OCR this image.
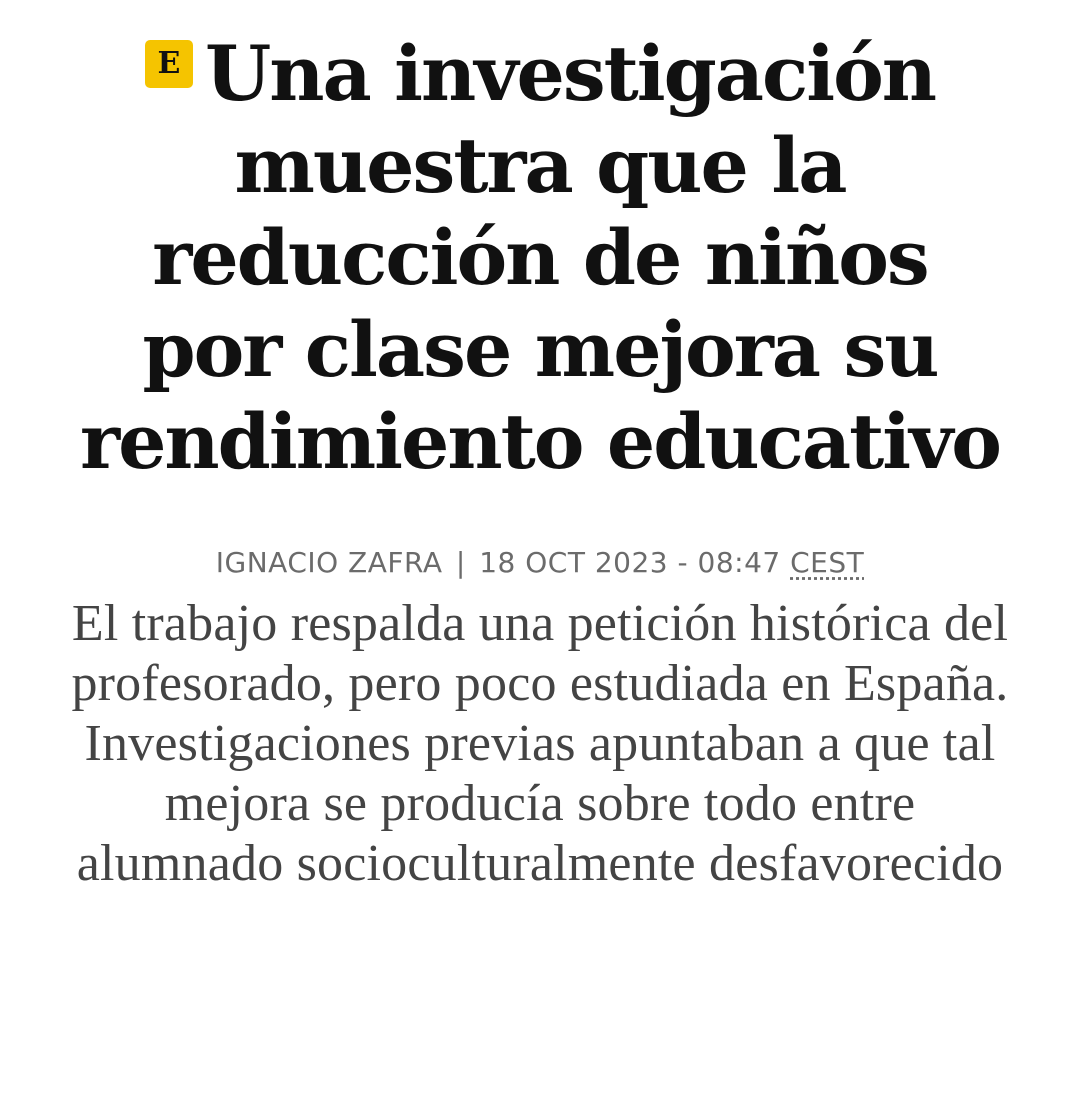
E Una investigación muestra que la reducción de niños por clase mejora su rendimiento educativo
IGNACIO ZAFRA | 18 OCT 2023 - 08:47 CEST

El trabajo respalda una petición histórica del profesorado, pero poco estudiada en España. Investigaciones previas apuntaban a que tal mejora se producía sobre todo entre alumnado socioculturalmente desfavorecido
